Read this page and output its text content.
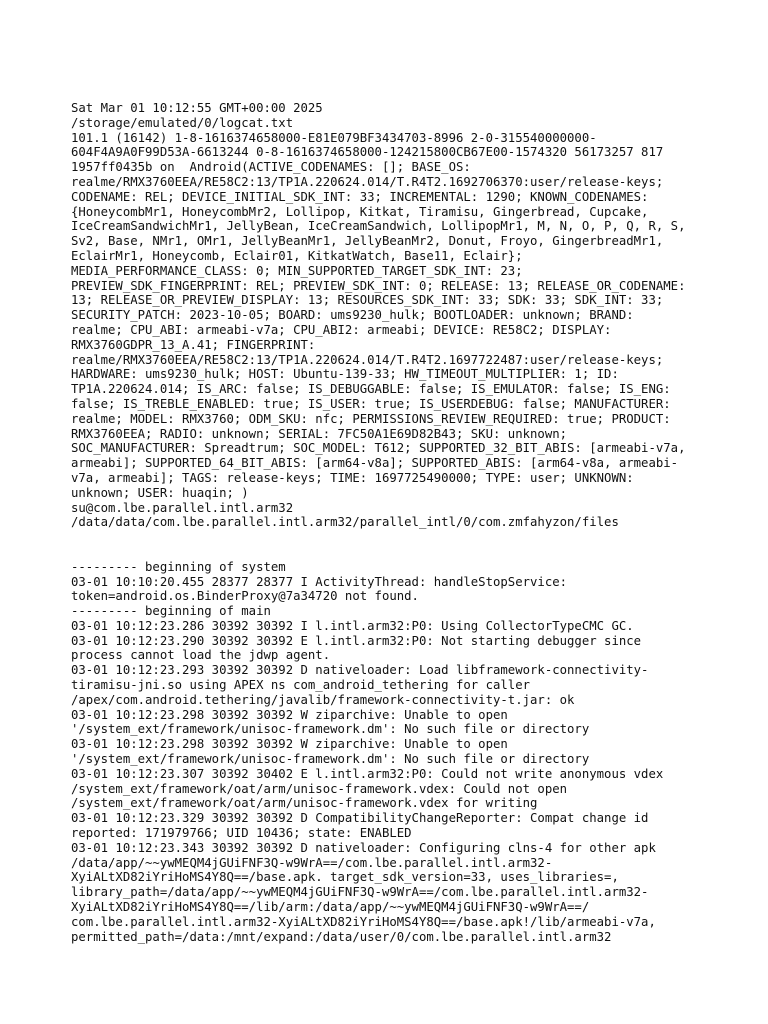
Sat Mar 01 10:12:55 GMT+00:00 2025
/storage/emulated/0/logcat.txt
101.1 (16142) 1-8-1616374658000-E81E079BF3434703-8996 2-0-315540000000-
604F4A9A0F99D53A-6613244 0-8-1616374658000-124215800CB67E00-1574320 56173257 817
1957ff0435b on  Android(ACTIVE_CODENAMES: []; BASE_OS:
realme/RMX3760EEA/RE58C2:13/TP1A.220624.014/T.R4T2.1692706370:user/release-keys;
CODENAME: REL; DEVICE_INITIAL_SDK_INT: 33; INCREMENTAL: 1290; KNOWN_CODENAMES:
{HoneycombMr1, HoneycombMr2, Lollipop, Kitkat, Tiramisu, Gingerbread, Cupcake,
IceCreamSandwichMr1, JellyBean, IceCreamSandwich, LollipopMr1, M, N, O, P, Q, R, S,
Sv2, Base, NMr1, OMr1, JellyBeanMr1, JellyBeanMr2, Donut, Froyo, GingerbreadMr1,
EclairMr1, Honeycomb, Eclair01, KitkatWatch, Base11, Eclair};
MEDIA_PERFORMANCE_CLASS: 0; MIN_SUPPORTED_TARGET_SDK_INT: 23;
PREVIEW_SDK_FINGERPRINT: REL; PREVIEW_SDK_INT: 0; RELEASE: 13; RELEASE_OR_CODENAME:
13; RELEASE_OR_PREVIEW_DISPLAY: 13; RESOURCES_SDK_INT: 33; SDK: 33; SDK_INT: 33;
SECURITY_PATCH: 2023-10-05; BOARD: ums9230_hulk; BOOTLOADER: unknown; BRAND:
realme; CPU_ABI: armeabi-v7a; CPU_ABI2: armeabi; DEVICE: RE58C2; DISPLAY:
RMX3760GDPR_13_A.41; FINGERPRINT:
realme/RMX3760EEA/RE58C2:13/TP1A.220624.014/T.R4T2.1697722487:user/release-keys;
HARDWARE: ums9230_hulk; HOST: Ubuntu-139-33; HW_TIMEOUT_MULTIPLIER: 1; ID:
TP1A.220624.014; IS_ARC: false; IS_DEBUGGABLE: false; IS_EMULATOR: false; IS_ENG:
false; IS_TREBLE_ENABLED: true; IS_USER: true; IS_USERDEBUG: false; MANUFACTURER:
realme; MODEL: RMX3760; ODM_SKU: nfc; PERMISSIONS_REVIEW_REQUIRED: true; PRODUCT:
RMX3760EEA; RADIO: unknown; SERIAL: 7FC50A1E69D82B43; SKU: unknown;
SOC_MANUFACTURER: Spreadtrum; SOC_MODEL: T612; SUPPORTED_32_BIT_ABIS: [armeabi-v7a,
armeabi]; SUPPORTED_64_BIT_ABIS: [arm64-v8a]; SUPPORTED_ABIS: [arm64-v8a, armeabi-
v7a, armeabi]; TAGS: release-keys; TIME: 1697725490000; TYPE: user; UNKNOWN:
unknown; USER: huaqin; )
su@com.lbe.parallel.intl.arm32
/data/data/com.lbe.parallel.intl.arm32/parallel_intl/0/com.zmfahyzon/files
--------- beginning of system
03-01 10:10:20.455 28377 28377 I ActivityThread: handleStopService:
token=android.os.BinderProxy@7a34720 not found.
--------- beginning of main
03-01 10:12:23.286 30392 30392 I l.intl.arm32:P0: Using CollectorTypeCMC GC.
03-01 10:12:23.290 30392 30392 E l.intl.arm32:P0: Not starting debugger since
process cannot load the jdwp agent.
03-01 10:12:23.293 30392 30392 D nativeloader: Load libframework-connectivity-
tiramisu-jni.so using APEX ns com_android_tethering for caller
/apex/com.android.tethering/javalib/framework-connectivity-t.jar: ok
03-01 10:12:23.298 30392 30392 W ziparchive: Unable to open
'/system_ext/framework/unisoc-framework.dm': No such file or directory
03-01 10:12:23.298 30392 30392 W ziparchive: Unable to open
'/system_ext/framework/unisoc-framework.dm': No such file or directory
03-01 10:12:23.307 30392 30402 E l.intl.arm32:P0: Could not write anonymous vdex
/system_ext/framework/oat/arm/unisoc-framework.vdex: Could not open
/system_ext/framework/oat/arm/unisoc-framework.vdex for writing
03-01 10:12:23.329 30392 30392 D CompatibilityChangeReporter: Compat change id
reported: 171979766; UID 10436; state: ENABLED
03-01 10:12:23.343 30392 30392 D nativeloader: Configuring clns-4 for other apk
/data/app/~~ywMEQM4jGUiFNF3Q-w9WrA==/com.lbe.parallel.intl.arm32-
XyiALtXD82iYriHoMS4Y8Q==/base.apk. target_sdk_version=33, uses_libraries=,
library_path=/data/app/~~ywMEQM4jGUiFNF3Q-w9WrA==/com.lbe.parallel.intl.arm32-
XyiALtXD82iYriHoMS4Y8Q==/lib/arm:/data/app/~~ywMEQM4jGUiFNF3Q-w9WrA==/
com.lbe.parallel.intl.arm32-XyiALtXD82iYriHoMS4Y8Q==/base.apk!/lib/armeabi-v7a,
permitted_path=/data:/mnt/expand:/data/user/0/com.lbe.parallel.intl.arm32
